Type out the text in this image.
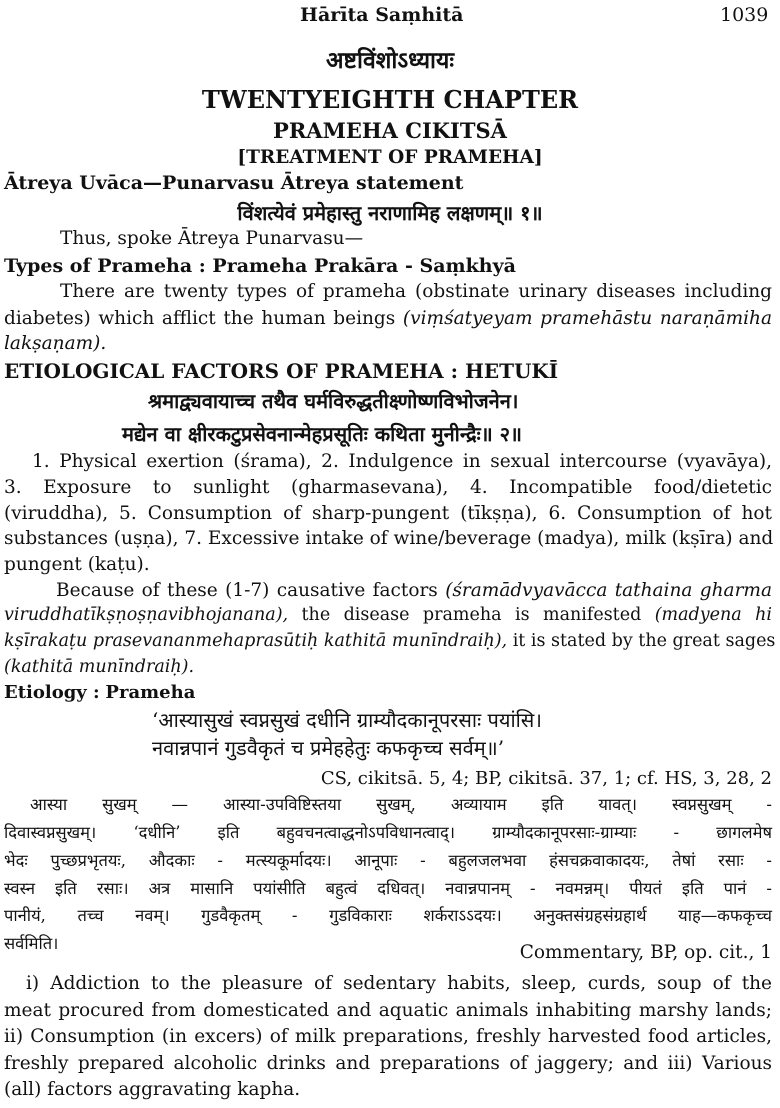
Hārīta Saṃhitā	1039
अष्टविंशोऽध्यायः
TWENTYEIGHTH CHAPTER
PRAMEHA CIKITSĀ
[TREATMENT OF PRAMEHA]
Ātreya Uvāca—Punarvasu Ātreya statement
विंशत्येवं प्रमेहास्तु नराणामिह लक्षणम्॥ १॥
Thus, spoke Ātreya Punarvasu—
Types of Prameha : Prameha Prakāra - Saṃkhyā
There are twenty types of prameha (obstinate urinary diseases including
diabetes) which afflict the human beings (viṃśatyeyam pramehāstu naraṇāmiha
lakṣaṇam).
ETIOLOGICAL FACTORS OF PRAMEHA : HETUKĪ
श्रमाद्व्यवायाच्च तथैव घर्मविरुद्धतीक्ष्णोष्णविभोजनेन।
मद्येन वा क्षीरकटुप्रसेवनान्मेहप्रसूतिः कथिता मुनीन्द्रैः॥ २॥
1. Physical exertion (śrama), 2. Indulgence in sexual intercourse (vyavāya),
3. Exposure to sunlight (gharmasevana), 4. Incompatible food/dietetic
(viruddha), 5. Consumption of sharp-pungent (tīkṣṇa), 6. Consumption of hot
substances (uṣṇa), 7. Excessive intake of wine/beverage (madya), milk (kṣīra) and
pungent (kaṭu).
Because of these (1-7) causative factors (śramādvyavācca tathaina gharma
viruddhatīkṣṇoṣṇavibhojanana), the disease prameha is manifested (madyena hi
kṣīrakaṭu prasevananmehaprasūtiḥ kathitā munīndraiḥ), it is stated by the great sages
(kathitā munīndraiḥ).
Etiology : Prameha
‘आस्यासुखं स्वप्नसुखं दधीनि ग्राम्यौदकानूपरसाः पयांसि।
नवान्नपानं गुडवैकृतं च प्रमेहहेतुः कफकृच्च सर्वम्॥’
CS, cikitsā. 5, 4; BP, cikitsā. 37, 1; cf. HS, 3, 28, 2
आस्या सुखम् — आस्या-उपविष्टिस्तया सुखम्, अव्यायाम इति यावत्। स्वप्नसुखम् -
दिवास्वप्नसुखम्। ‘दधीनि’ इति बहुवचनत्वाद्धनोऽपविधानत्वाद्। ग्राम्यौदकानूपरसाः-ग्राम्याः - छागलमेष
भेदः पुच्छप्रभृतयः, औदकाः - मत्स्यकूर्मादयः। आनूपाः - बहुलजलभवा हंसचक्रवाकादयः, तेषां रसाः -
स्वस्न इति रसाः। अत्र मासानि पयांसीति बहुत्वं दधिवत्। नवान्नपानम् - नवमन्नम्। पीयतं इति पानं -
पानीयं, तच्च नवम्। गुडवैकृतम् - गुडविकाराः शर्कराऽऽदयः। अनुक्तसंग्रहसंग्रहार्थ याह—कफकृच्च
सर्वमिति।	Commentary, BP, op. cit., 1
i) Addiction to the pleasure of sedentary habits, sleep, curds, soup of the
meat procured from domesticated and aquatic animals inhabiting marshy lands;
ii) Consumption (in excers) of milk preparations, freshly harvested food articles,
freshly prepared alcoholic drinks and preparations of jaggery; and iii) Various
(all) factors aggravating kapha.
